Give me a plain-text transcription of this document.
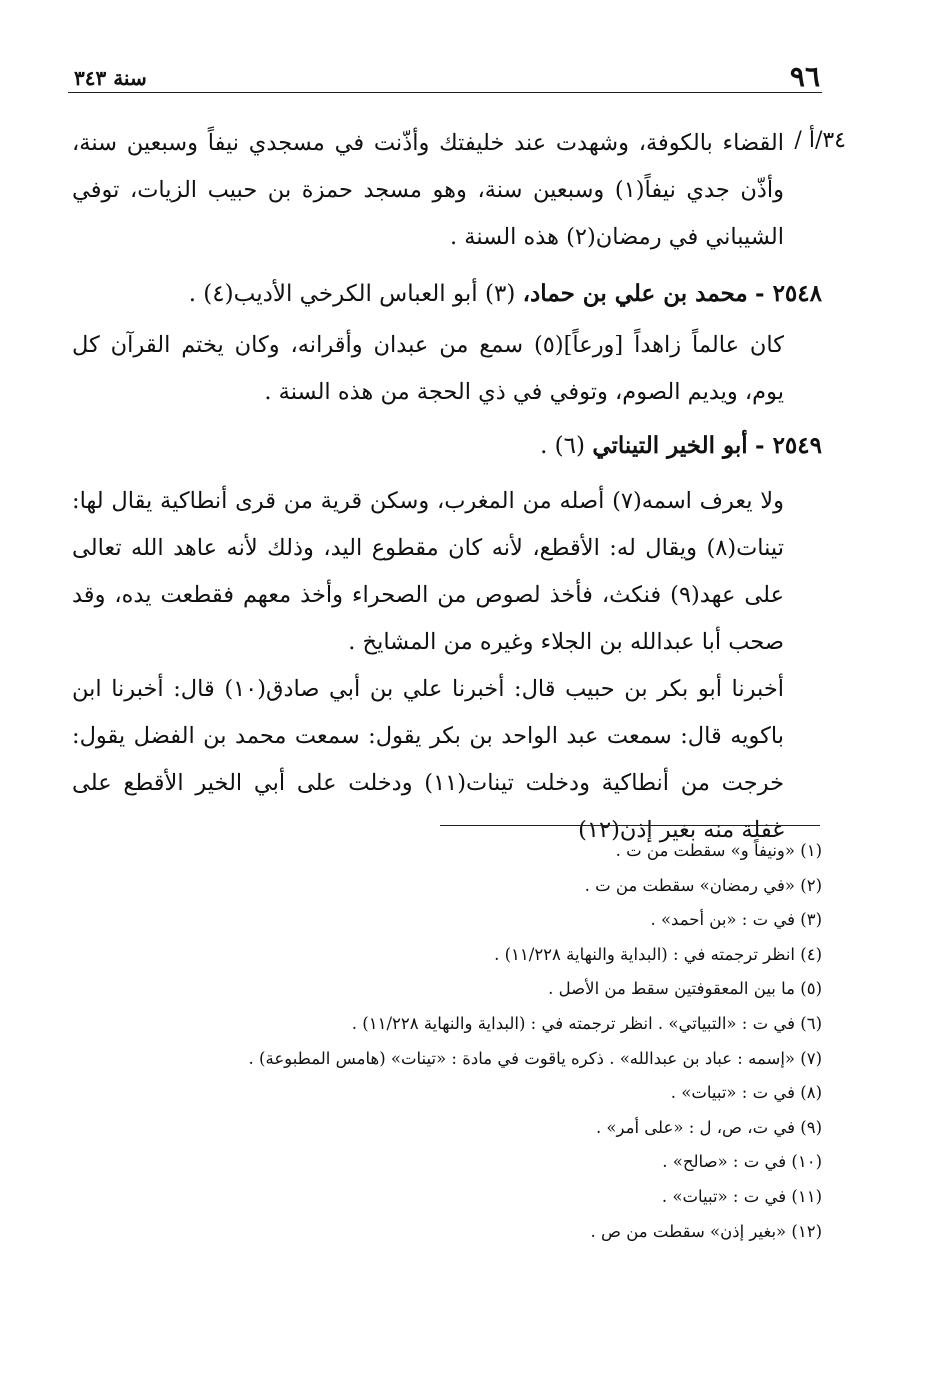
٩٦
سنة ٣٤٣
٣٤/أ /
القضاء بالكوفة، وشهدت عند خليفتك وأذّنت في مسجدي نيفاً وسبعين سنة، وأذّن جدي نيفاً(١) وسبعين سنة، وهو مسجد حمزة بن حبيب الزيات، توفي الشيباني في رمضان(٢) هذه السنة .
٢٥٤٨ - محمد بن علي بن حماد، (٣) أبو العباس الكرخي الأديب(٤) .
كان عالماً زاهداً [ورعاً](٥) سمع من عبدان وأقرانه، وكان يختم القرآن كل يوم، ويديم الصوم، وتوفي في ذي الحجة من هذه السنة .
٢٥٤٩ - أبو الخير التيناتي (٦) .
ولا يعرف اسمه(٧) أصله من المغرب، وسكن قرية من قرى أنطاكية يقال لها: تينات(٨) ويقال له: الأقطع، لأنه كان مقطوع اليد، وذلك لأنه عاهد الله تعالى على عهد(٩) فنكث، فأخذ لصوص من الصحراء وأخذ معهم فقطعت يده، وقد صحب أبا عبدالله بن الجلاء وغيره من المشايخ .
أخبرنا أبو بكر بن حبيب قال: أخبرنا علي بن أبي صادق(١٠) قال: أخبرنا ابن باكويه قال: سمعت عبد الواحد بن بكر يقول: سمعت محمد بن الفضل يقول: خرجت من أنطاكية ودخلت تينات(١١) ودخلت على أبي الخير الأقطع على غفلة منه بغير إذن(١٢)
(١) «ونيفاً و» سقطت من ت .
(٢) «في رمضان» سقطت من ت .
(٣) في ت : «بن أحمد» .
(٤) انظر ترجمته في : (البداية والنهاية ١١/٢٢٨) .
(٥) ما بين المعقوفتين سقط من الأصل .
(٦) في ت : «التبياتي» . انظر ترجمته في : (البداية والنهاية ١١/٢٢٨) .
(٧) «إسمه : عباد بن عبدالله» . ذكره ياقوت في مادة : «تينات» (هامس المطبوعة) .
(٨) في ت : «تبيات» .
(٩) في ت، ص، ل : «على أمر» .
(١٠) في ت : «صالح» .
(١١) في ت : «تبيات» .
(١٢) «بغير إذن» سقطت من ص .
